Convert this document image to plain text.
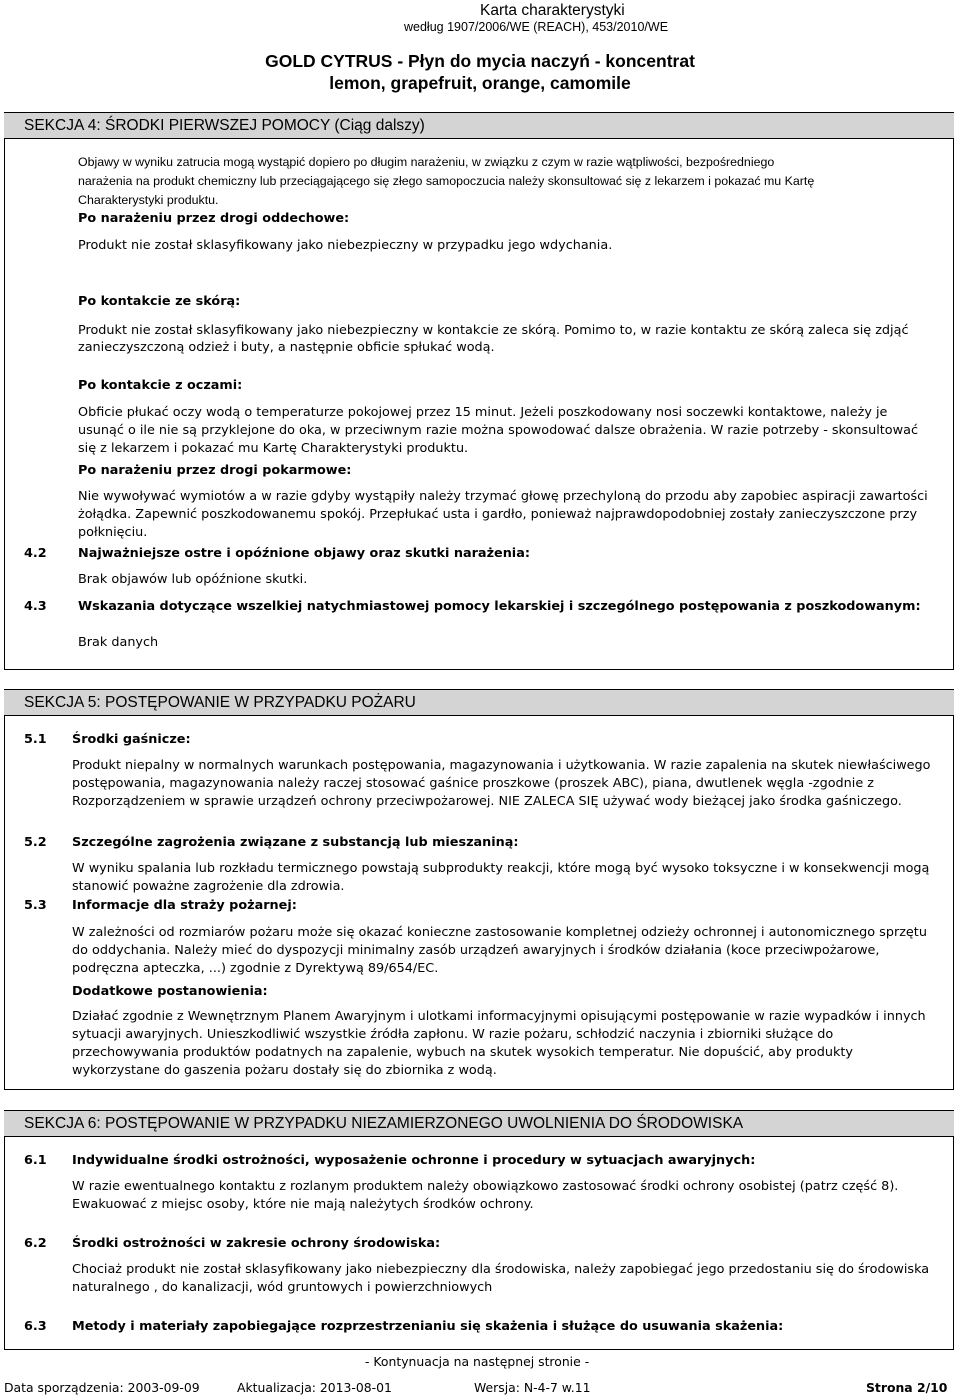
Karta charakterystyki
według 1907/2006/WE (REACH), 453/2010/WE
GOLD CYTRUS - Płyn do mycia naczyń - koncentrat
lemon, grapefruit, orange, camomile
SEKCJA 4: ŚRODKI PIERWSZEJ POMOCY (Ciąg dalszy)
Objawy w wyniku zatrucia mogą wystąpić dopiero po długim narażeniu, w związku z czym w razie wątpliwości, bezpośredniego
narażenia na produkt chemiczny lub przeciągającego się złego samopoczucia należy skonsultować się z lekarzem i pokazać mu Kartę
Charakterystyki produktu.
Po narażeniu przez drogi oddechowe:
Produkt nie został sklasyfikowany jako niebezpieczny w przypadku jego wdychania.
Po kontakcie ze skórą:
Produkt nie został sklasyfikowany jako niebezpieczny w kontakcie ze skórą. Pomimo to, w razie kontaktu ze skórą zaleca się zdjąć
zanieczyszczoną odzież i buty, a następnie obficie spłukać wodą.
Po kontakcie z oczami:
Obficie płukać oczy wodą o temperaturze pokojowej przez 15 minut. Jeżeli poszkodowany nosi soczewki kontaktowe, należy je
usunąć o ile nie są przyklejone do oka, w przeciwnym razie można spowodować dalsze obrażenia. W razie potrzeby - skonsultować
się z lekarzem i pokazać mu Kartę Charakterystyki produktu.
Po narażeniu przez drogi pokarmowe:
Nie wywoływać wymiotów a w razie gdyby wystąpiły należy trzymać głowę przechyloną do przodu aby zapobiec aspiracji zawartości
żołądka. Zapewnić poszkodowanemu spokój. Przepłukać usta i gardło, ponieważ najprawdopodobniej zostały zanieczyszczone przy
połknięciu.
4.2 Najważniejsze ostre i opóźnione objawy oraz skutki narażenia:
Brak objawów lub opóźnione skutki.
4.3 Wskazania dotyczące wszelkiej natychmiastowej pomocy lekarskiej i szczególnego postępowania z poszkodowanym:
Brak danych
SEKCJA 5: POSTĘPOWANIE W PRZYPADKU POŻARU
5.1 Środki gaśnicze:
Produkt niepalny w normalnych warunkach postępowania, magazynowania i użytkowania. W razie zapalenia na skutek niewłaściwego
postępowania, magazynowania należy raczej stosować gaśnice proszkowe (proszek ABC), piana, dwutlenek węgla -zgodnie z
Rozporządzeniem w sprawie urządzeń ochrony przeciwpożarowej. NIE ZALECA SIĘ używać wody bieżącej jako środka gaśniczego.
5.2 Szczególne zagrożenia związane z substancją lub mieszaniną:
W wyniku spalania lub rozkładu termicznego powstają subprodukty reakcji, które mogą być wysoko toksyczne i w konsekwencji mogą
stanowić poważne zagrożenie dla zdrowia.
5.3 Informacje dla straży pożarnej:
W zależności od rozmiarów pożaru może się okazać konieczne zastosowanie kompletnej odzieży ochronnej i autonomicznego sprzętu
do oddychania. Należy mieć do dyspozycji minimalny zasób urządzeń awaryjnych i środków działania (koce przeciwpożarowe,
podręczna apteczka, ...) zgodnie z Dyrektywą 89/654/EC.
Dodatkowe postanowienia:
Działać zgodnie z Wewnętrznym Planem Awaryjnym i ulotkami informacyjnymi opisującymi postępowanie w razie wypadków i innych
sytuacji awaryjnych. Unieszkodliwić wszystkie źródła zapłonu. W razie pożaru, schłodzić naczynia i zbiorniki służące do
przechowywania produktów podatnych na zapalenie, wybuch na skutek wysokich temperatur. Nie dopuścić, aby produkty
wykorzystane do gaszenia pożaru dostały się do zbiornika z wodą.
SEKCJA 6: POSTĘPOWANIE W PRZYPADKU NIEZAMIERZONEGO UWOLNIENIA DO ŚRODOWISKA
6.1 Indywidualne środki ostrożności, wyposażenie ochronne i procedury w sytuacjach awaryjnych:
W razie ewentualnego kontaktu z rozlanym produktem należy obowiązkowo zastosować środki ochrony osobistej (patrz część 8).
Ewakuować z miejsc osoby, które nie mają należytych środków ochrony.
6.2 Środki ostrożności w zakresie ochrony środowiska:
Chociaż produkt nie został sklasyfikowany jako niebezpieczny dla środowiska, należy zapobiegać jego przedostaniu się do środowiska
naturalnego , do kanalizacji, wód gruntowych i powierzchniowych
6.3 Metody i materiały zapobiegające rozprzestrzenianiu się skażenia i służące do usuwania skażenia:
- Kontynuacja na następnej stronie -
Data sporządzenia: 2003-09-09	Aktualizacja: 2013-08-01	Wersja: N-4-7 w.11	Strona 2/10
